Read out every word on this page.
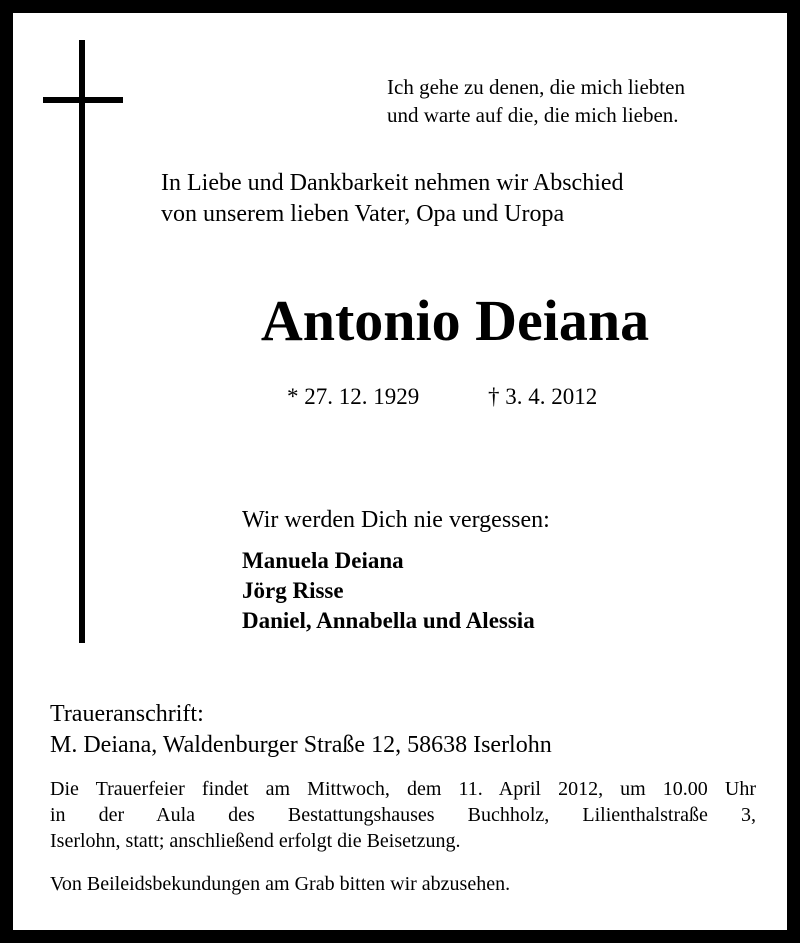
Ich gehe zu denen, die mich liebten
und warte auf die, die mich lieben.
In Liebe und Dankbarkeit nehmen wir Abschied
von unserem lieben Vater, Opa und Uropa
Antonio Deiana
* 27. 12. 1929	† 3. 4. 2012
Wir werden Dich nie vergessen:
Manuela Deiana
Jörg Risse
Daniel, Annabella und Alessia
Traueranschrift:
M. Deiana, Waldenburger Straße 12, 58638 Iserlohn
Die Trauerfeier findet am Mittwoch, dem 11. April 2012, um 10.00 Uhr
in der Aula des Bestattungshauses Buchholz, Lilienthalstraße 3,
Iserlohn, statt; anschließend erfolgt die Beisetzung.
Von Beileidsbekundungen am Grab bitten wir abzusehen.
